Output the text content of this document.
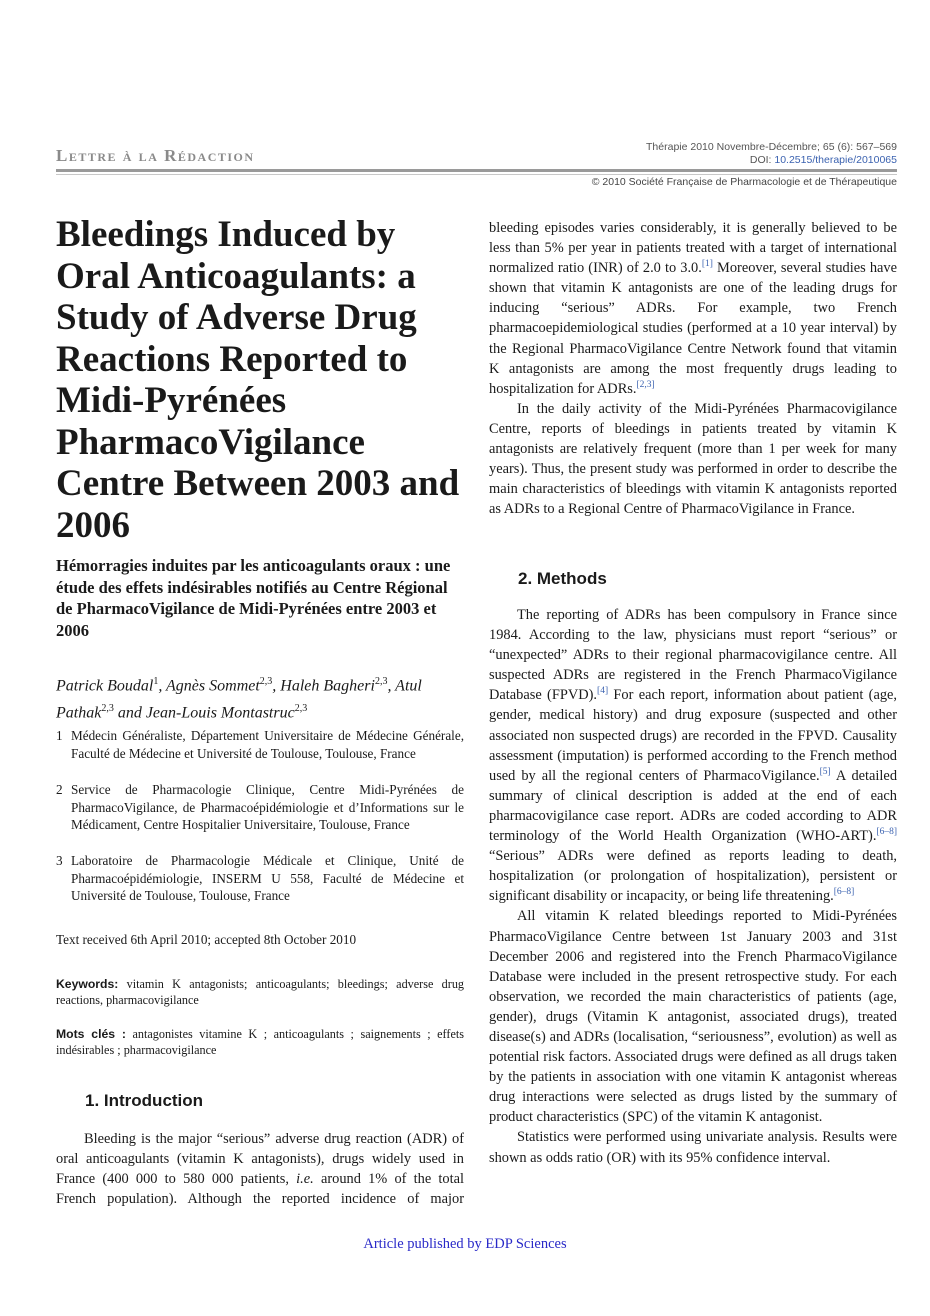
Lettre à la Rédaction	Thérapie 2010 Novembre-Décembre; 65 (6): 567–569
DOI: 10.2515/therapie/2010065
© 2010 Société Française de Pharmacologie et de Thérapeutique
Bleedings Induced by Oral Anticoagulants: a Study of Adverse Drug Reactions Reported to Midi-Pyrénées PharmacoVigilance Centre Between 2003 and 2006
Hémorragies induites par les anticoagulants oraux : une étude des effets indésirables notifiés au Centre Régional de PharmacoVigilance de Midi-Pyrénées entre 2003 et 2006
Patrick Boudal$^1$, Agnès Sommet$^{2,3}$, Haleh Bagheri$^{2,3}$, Atul Pathak$^{2,3}$ and Jean-Louis Montastruc$^{2,3}$
1 Médecin Généraliste, Département Universitaire de Médecine Générale, Faculté de Médecine et Université de Toulouse, Toulouse, France
2 Service de Pharmacologie Clinique, Centre Midi-Pyrénées de PharmacoVigilance, de Pharmacoépidémiologie et d’Informations sur le Médicament, Centre Hospitalier Universitaire, Toulouse, France
3 Laboratoire de Pharmacologie Médicale et Clinique, Unité de Pharmacoépidémiologie, INSERM U 558, Faculté de Médecine et Université de Toulouse, Toulouse, France
Text received 6th April 2010; accepted 8th October 2010
Keywords: vitamin K antagonists; anticoagulants; bleedings; adverse drug reactions, pharmacovigilance
Mots clés : antagonistes vitamine K ; anticoagulants ; saignements ; effets indésirables ; pharmacovigilance
1. Introduction

Bleeding is the major “serious” adverse drug reaction (ADR) of oral anticoagulants (vitamin K antagonists), drugs widely used in France (400 000 to 580 000 patients, i.e. around 1% of the total French population). Although the reported incidence of major

bleeding episodes varies considerably, it is generally believed to be less than 5% per year in patients treated with a target of international normalized ratio (INR) of 2.0 to 3.0.[1] Moreover, several studies have shown that vitamin K antagonists are one of the leading drugs for inducing “serious” ADRs. For example, two French pharmacoepidemiological studies (performed at a 10 year interval) by the Regional PharmacoVigilance Centre Network found that vitamin K antagonists are among the most frequently drugs leading to hospitalization for ADRs.[2,3]

In the daily activity of the Midi-Pyrénées Pharmacovigilance Centre, reports of bleedings in patients treated by vitamin K antagonists are relatively frequent (more than 1 per week for many years). Thus, the present study was performed in order to describe the main characteristics of bleedings with vitamin K antagonists reported as ADRs to a Regional Centre of PharmacoVigilance in France.

2. Methods

The reporting of ADRs has been compulsory in France since 1984. According to the law, physicians must report “serious” or “unexpected” ADRs to their regional pharmacovigilance centre. All suspected ADRs are registered in the French PharmacoVigilance Database (FPVD).[4] For each report, information about patient (age, gender, medical history) and drug exposure (suspected and other associated non suspected drugs) are recorded in the FPVD. Causality assessment (imputation) is performed according to the French method used by all the regional centers of PharmacoVigilance.[5] A detailed summary of clinical description is added at the end of each pharmacovigilance case report. ADRs are coded according to ADR terminology of the World Health Organization (WHO-ART).[6–8] “Serious” ADRs were defined as reports leading to death, hospitalization (or prolongation of hospitalization), persistent or significant disability or incapacity, or being life threatening.[6–8]

All vitamin K related bleedings reported to Midi-Pyrénées PharmacoVigilance Centre between 1st January 2003 and 31st December 2006 and registered into the French PharmacoVigilance Database were included in the present retrospective study. For each observation, we recorded the main characteristics of patients (age, gender), drugs (Vitamin K antagonist, associated drugs), treated disease(s) and ADRs (localisation, “seriousness”, evolution) as well as potential risk factors. Associated drugs were defined as all drugs taken by the patients in association with one vitamin K antagonist whereas drug interactions were selected as drugs listed by the summary of product characteristics (SPC) of the vitamin K antagonist.

Statistics were performed using univariate analysis. Results were shown as odds ratio (OR) with its 95% confidence interval.

Article published by EDP Sciences
